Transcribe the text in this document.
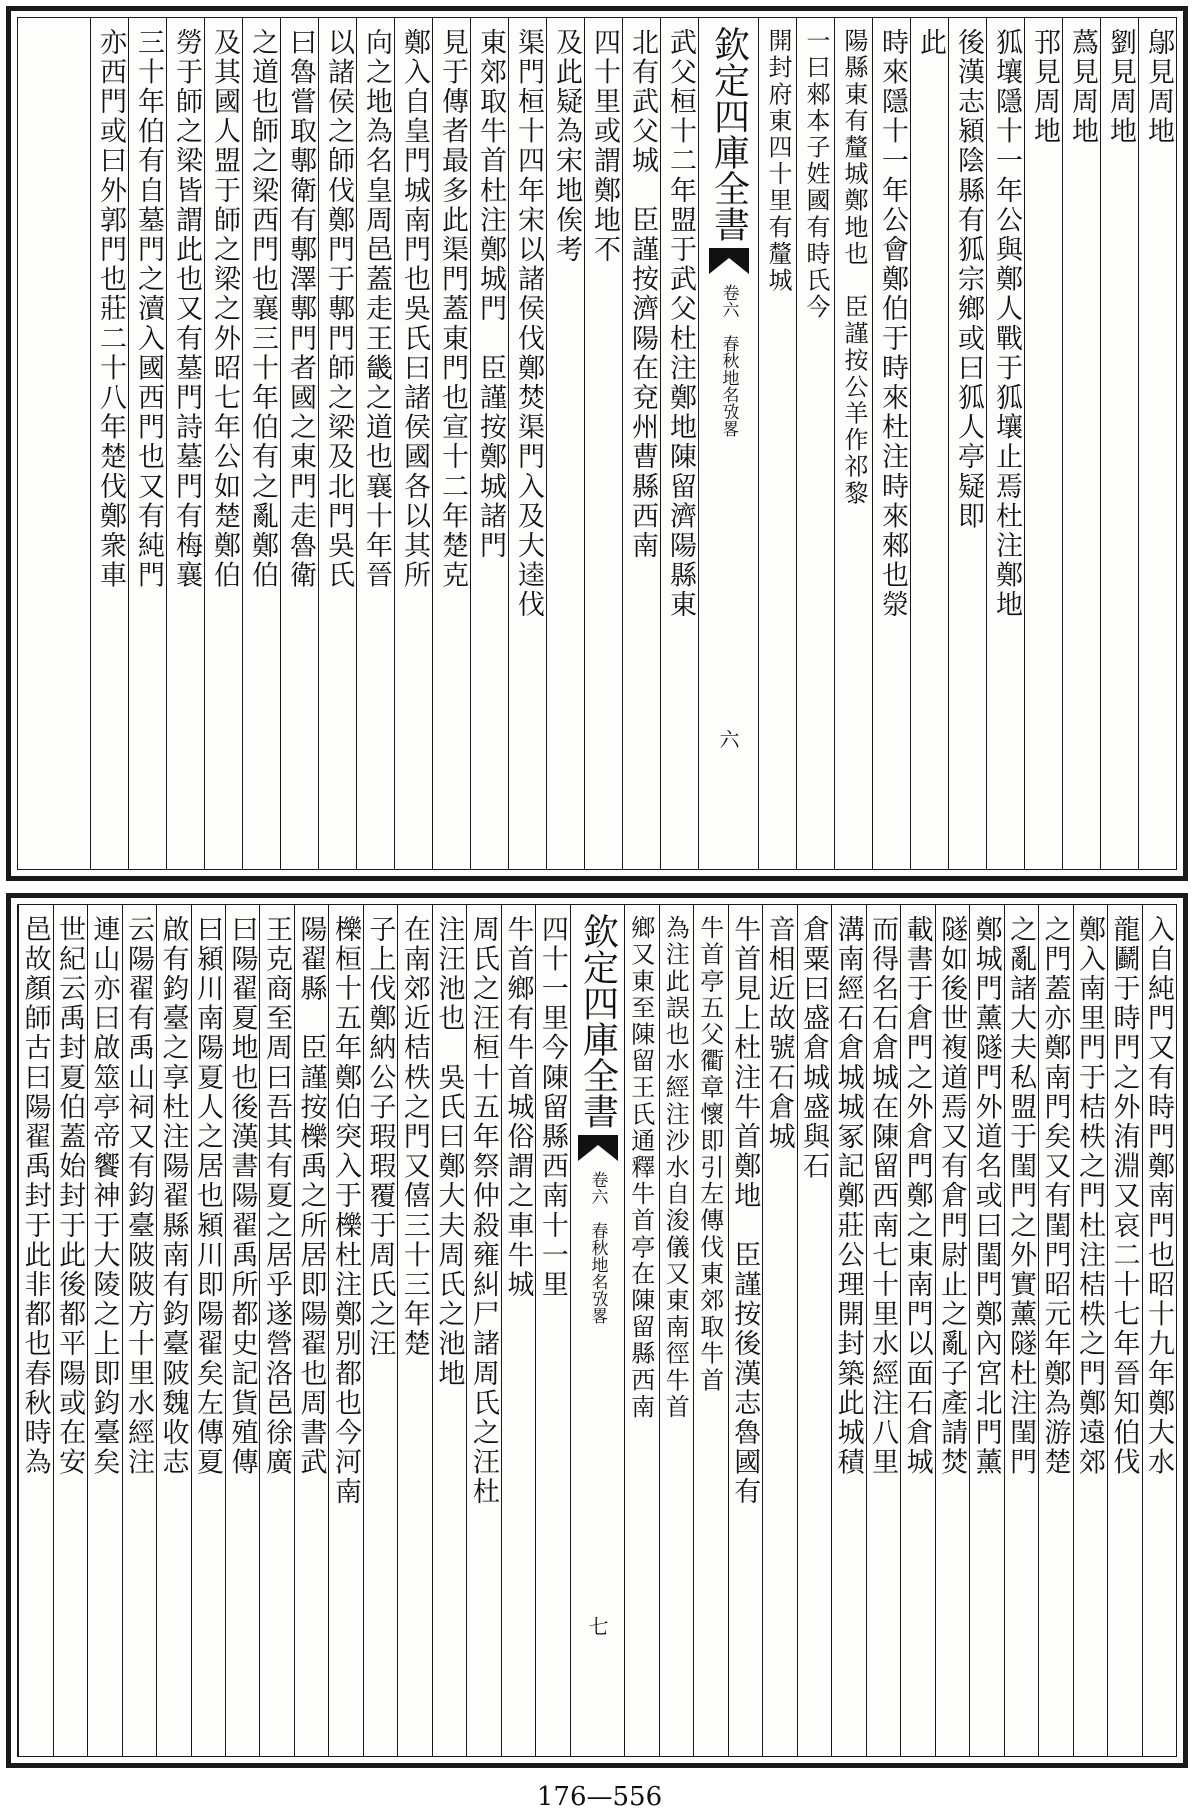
鄔見周地
劉見周地
蔿見周地
邘見周地
狐壤隱十一年公與鄭人戰于狐壤止焉杜注鄭地
後漢志潁陰縣有狐宗鄉或曰狐人亭疑即
此
時來隱十一年公會鄭伯于時來杜注時來郲也滎
陽縣東有釐城鄭地也　臣謹按公羊作祁黎
一曰郲本子姓國有時氏今
開封府東四十里有釐城
欽定四庫全書
卷六　春秋地名攷畧
六
武父桓十二年盟于武父杜注鄭地陳留濟陽縣東
北有武父城　臣謹按濟陽在兗州曹縣西南
四十里或謂鄭地不
及此疑為宋地俟考
渠門桓十四年宋以諸侯伐鄭焚渠門入及大逵伐
東郊取牛首杜注鄭城門　臣謹按鄭城諸門
見于傳者最多此渠門蓋東門也宣十二年楚克
鄭入自皇門城南門也吳氏曰諸侯國各以其所
向之地為名皇周邑蓋走王畿之道也襄十年晉
以諸侯之師伐鄭門于鄟門師之梁及北門吳氏
曰魯嘗取鄟衛有鄟澤鄟門者國之東門走魯衛
之道也師之梁西門也襄三十年伯有之亂鄭伯
及其國人盟于師之梁之外昭七年公如楚鄭伯
勞于師之梁皆謂此也又有墓門詩墓門有梅襄
三十年伯有自墓門之瀆入國西門也又有純門
亦西門或曰外郭門也莊二十八年楚伐鄭衆車
入自純門又有時門鄭南門也昭十九年鄭大水
龍鬬于時門之外洧淵又哀二十七年晉知伯伐
鄭入南里門于桔柣之門杜注桔柣之門鄭遠郊
之門蓋亦鄭南門矣又有閨門昭元年鄭為游楚
之亂諸大夫私盟于閨門之外實薰隧杜注閨門
鄭城門薰隧門外道名或曰閨門鄭內宮北門薰
隧如後世複道焉又有倉門尉止之亂子產請焚
載書于倉門之外倉門鄭之東南門以面石倉城
而得名石倉城在陳留西南七十里水經注八里
溝南經石倉城城冢記鄭莊公理開封築此城積
倉粟曰盛倉城盛與石
音相近故號石倉城
牛首見上杜注牛首鄭地　臣謹按後漢志魯國有
牛首亭五父衢章懷即引左傳伐東郊取牛首
為注此誤也水經注沙水自浚儀又東南徑牛首
鄉又東至陳留王氏通釋牛首亭在陳留縣西南
欽定四庫全書
卷六　春秋地名攷畧
七
四十一里今陳留縣西南十一里
牛首鄉有牛首城俗謂之車牛城
周氏之汪桓十五年祭仲殺雍糾尸諸周氏之汪杜
注汪池也　吳氏曰鄭大夫周氏之池地
在南郊近桔柣之門又僖三十三年楚
子上伐鄭納公子瑕瑕覆于周氏之汪
櫟桓十五年鄭伯突入于櫟杜注鄭別都也今河南
陽翟縣　臣謹按櫟禹之所居即陽翟也周書武
王克商至周曰吾其有夏之居乎遂營洛邑徐廣
曰陽翟夏地也後漢書陽翟禹所都史記貨殖傳
曰潁川南陽夏人之居也潁川即陽翟矣左傳夏
啟有鈞臺之享杜注陽翟縣南有鈞臺陂魏收志
云陽翟有禹山祠又有鈞臺陂陂方十里水經注
連山亦曰啟筮亭帝饗神于大陵之上即鈞臺矣
世紀云禹封夏伯蓋始封于此後都平陽或在安
邑故顏師古曰陽翟禹封于此非都也春秋時為
176—556
